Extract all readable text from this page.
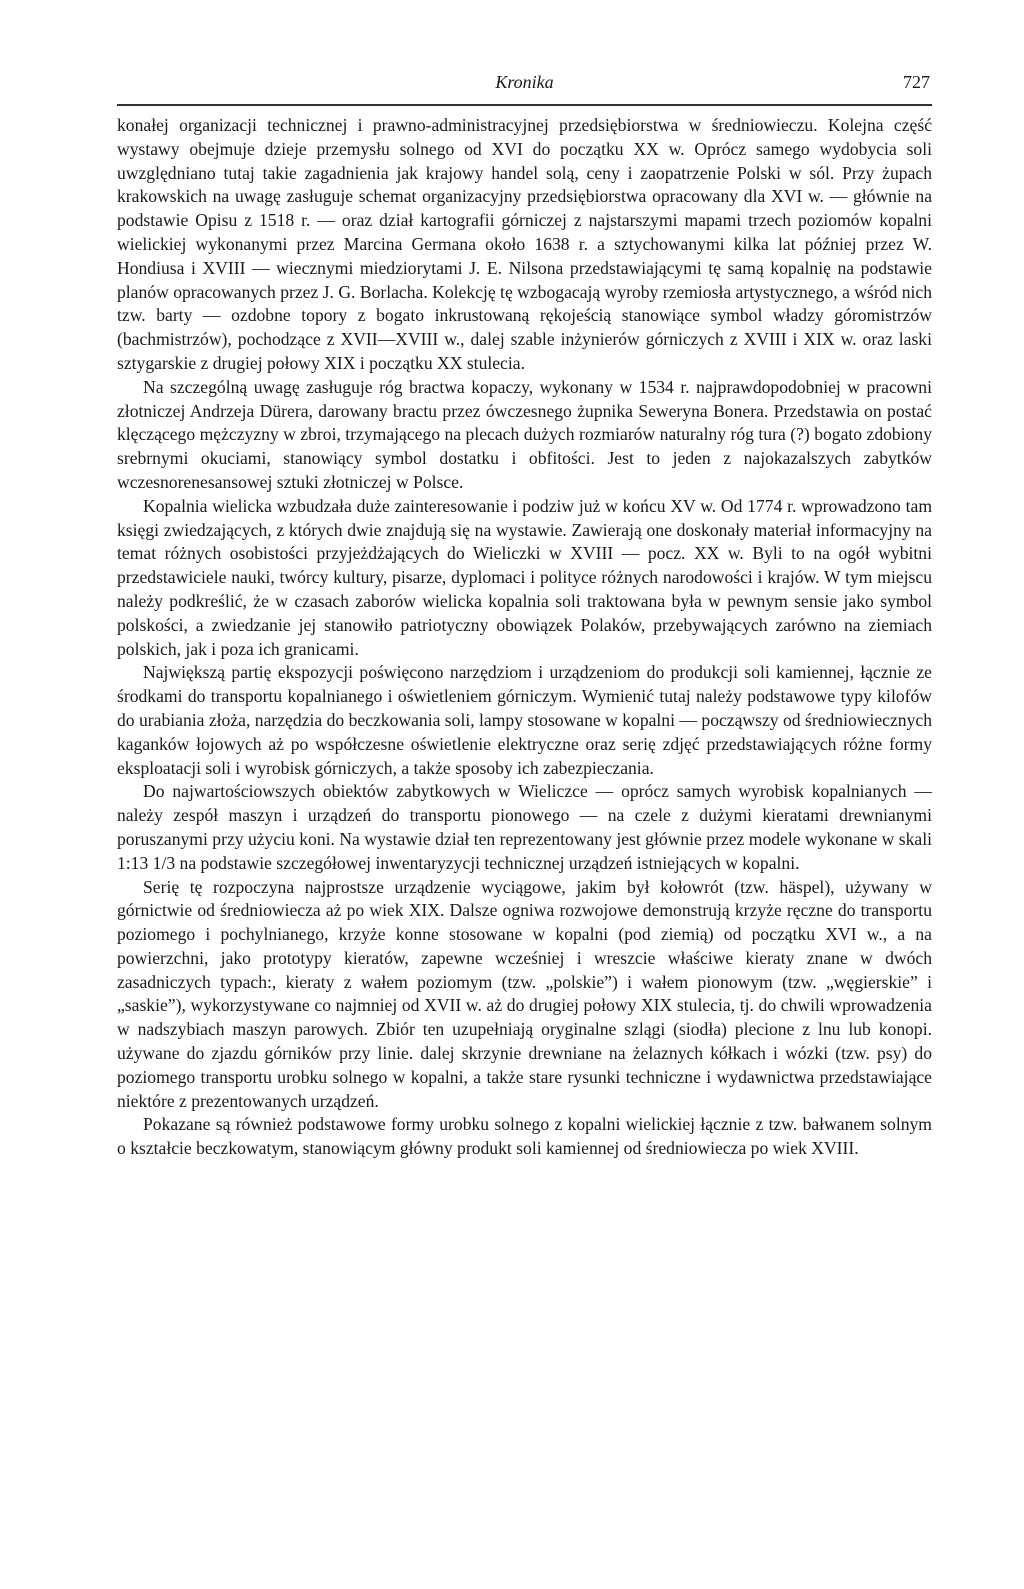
Kronika	727

konałej organizacji technicznej i prawno-administracyjnej przedsiębiorstwa w średniowieczu. Kolejna część wystawy obejmuje dzieje przemysłu solnego od XVI do początku XX w. Oprócz samego wydobycia soli uwzględniano tutaj takie zagadnienia jak krajowy handel solą, ceny i zaopatrzenie Polski w sól. Przy żupach krakowskich na uwagę zasługuje schemat organizacyjny przedsiębiorstwa opracowany dla XVI w. — głównie na podstawie Opisu z 1518 r. — oraz dział kartografii górniczej z najstarszymi mapami trzech poziomów kopalni wielickiej wykonanymi przez Marcina Germana około 1638 r. a sztychowanymi kilka lat później przez W. Hondiusa i XVIII — wiecznymi miedziorytami J. E. Nilsona przedstawiającymi tę samą kopalnię na podstawie planów opracowanych przez J. G. Borlacha. Kolekcję tę wzbogacają wyroby rzemiosła artystycznego, a wśród nich tzw. barty — ozdobne topory z bogato inkrustowaną rękojeścią stanowiące symbol władzy góromistrzów (bachmistrzów), pochodzące z XVII—XVIII w., dalej szable inżynierów górniczych z XVIII i XIX w. oraz laski sztygarskie z drugiej połowy XIX i początku XX stulecia.

Na szczególną uwagę zasługuje róg bractwa kopaczy, wykonany w 1534 r. najprawdopodobniej w pracowni złotniczej Andrzeja Dürera, darowany bractu przez ówczesnego żupnika Seweryna Bonera. Przedstawia on postać klęczącego mężczyzny w zbroi, trzymającego na plecach dużych rozmiarów naturalny róg tura (?) bogato zdobiony srebrnymi okuciami, stanowiący symbol dostatku i obfitości. Jest to jeden z najokazalszych zabytków wczesnorenesansowej sztuki złotniczej w Polsce.

Kopalnia wielicka wzbudzała duże zainteresowanie i podziw już w końcu XV w. Od 1774 r. wprowadzono tam księgi zwiedzających, z których dwie znajdują się na wystawie. Zawierają one doskonały materiał informacyjny na temat różnych osobistości przyjeżdżających do Wieliczki w XVIII — pocz. XX w. Byli to na ogół wybitni przedstawiciele nauki, twórcy kultury, pisarze, dyplomaci i polityce różnych narodowości i krajów. W tym miejscu należy podkreślić, że w czasach zaborów wielicka kopalnia soli traktowana była w pewnym sensie jako symbol polskości, a zwiedzanie jej stanowiło patriotyczny obowiązek Polaków, przebywających zarówno na ziemiach polskich, jak i poza ich granicami.

Największą partię ekspozycji poświęcono narzędziom i urządzeniom do produkcji soli kamiennej, łącznie ze środkami do transportu kopalnianego i oświetleniem górniczym. Wymienić tutaj należy podstawowe typy kilofów do urabiania złoża, narzędzia do beczkowania soli, lampy stosowane w kopalni — począwszy od średniowiecznych kaganków łojowych aż po współczesne oświetlenie elektryczne oraz serię zdjęć przedstawiających różne formy eksploatacji soli i wyrobisk górniczych, a także sposoby ich zabezpieczania.

Do najwartościowszych obiektów zabytkowych w Wieliczce — oprócz samych wyrobisk kopalnianych — należy zespół maszyn i urządzeń do transportu pionowego — na czele z dużymi kieratami drewnianymi poruszanymi przy użyciu koni. Na wystawie dział ten reprezentowany jest głównie przez modele wykonane w skali 1:13 1/3 na podstawie szczegółowej inwentaryzycji technicznej urządzeń istniejących w kopalni.

Serię tę rozpoczyna najprostsze urządzenie wyciągowe, jakim był kołowrót (tzw. häspel), używany w górnictwie od średniowiecza aż po wiek XIX. Dalsze ogniwa rozwojowe demonstrują krzyże ręczne do transportu poziomego i pochylnianego, krzyże konne stosowane w kopalni (pod ziemią) od początku XVI w., a na powierzchni, jako prototypy kieratów, zapewne wcześniej i wreszcie właściwe kieraty znane w dwóch zasadniczych typach:, kieraty z wałem poziomym (tzw. „polskie”) i wałem pionowym (tzw. „węgierskie” i „saskie”), wykorzystywane co najmniej od XVII w. aż do drugiej połowy XIX stulecia, tj. do chwili wprowadzenia w nadszybiach maszyn parowych. Zbiór ten uzupełniają oryginalne szlągi (siodła) plecione z lnu lub konopi. używane do zjazdu górników przy linie. dalej skrzynie drewniane na żelaznych kółkach i wózki (tzw. psy) do poziomego transportu urobku solnego w kopalni, a także stare rysunki techniczne i wydawnictwa przedstawiające niektóre z prezentowanych urządzeń.

Pokazane są również podstawowe formy urobku solnego z kopalni wielickiej łącznie z tzw. bałwanem solnym o kształcie beczkowatym, stanowiącym główny produkt soli kamiennej od średniowiecza po wiek XVIII.
